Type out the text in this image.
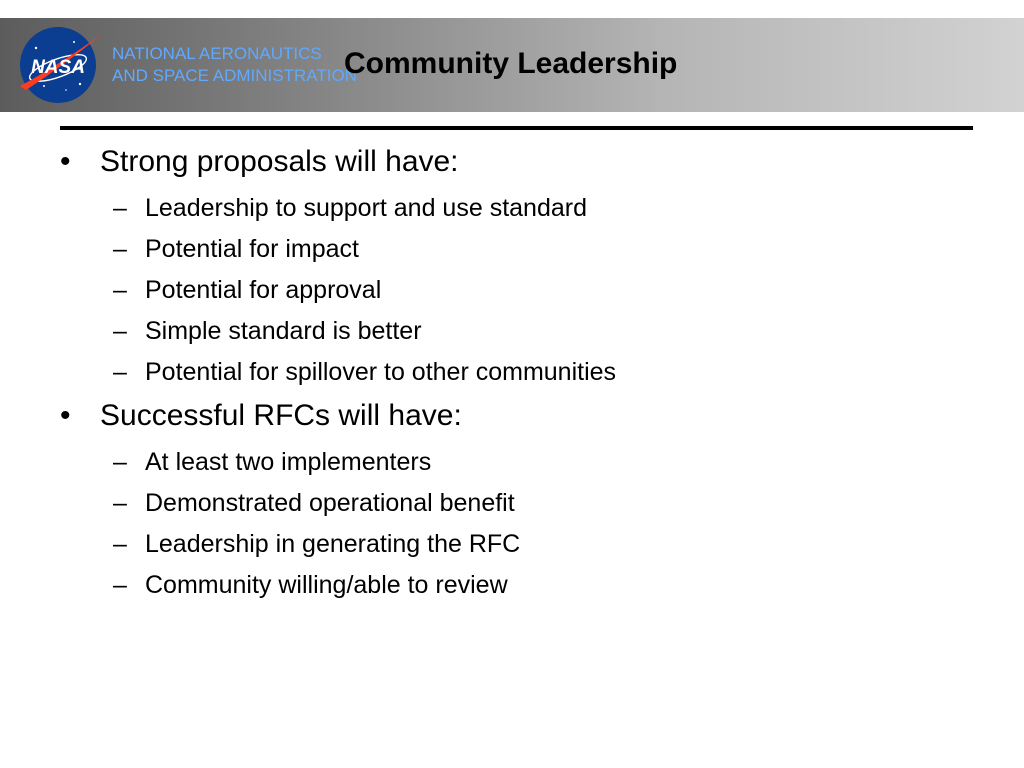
NASA
NATIONAL AERONAUTICS
AND SPACE ADMINISTRATION
Community Leadership
• Strong proposals will have:
– Leadership to support and use standard
– Potential for impact
– Potential for approval
– Simple standard is better
– Potential for spillover to other communities
• Successful RFCs will have:
– At least two implementers
– Demonstrated operational benefit
– Leadership in generating the RFC
– Community willing/able to review
